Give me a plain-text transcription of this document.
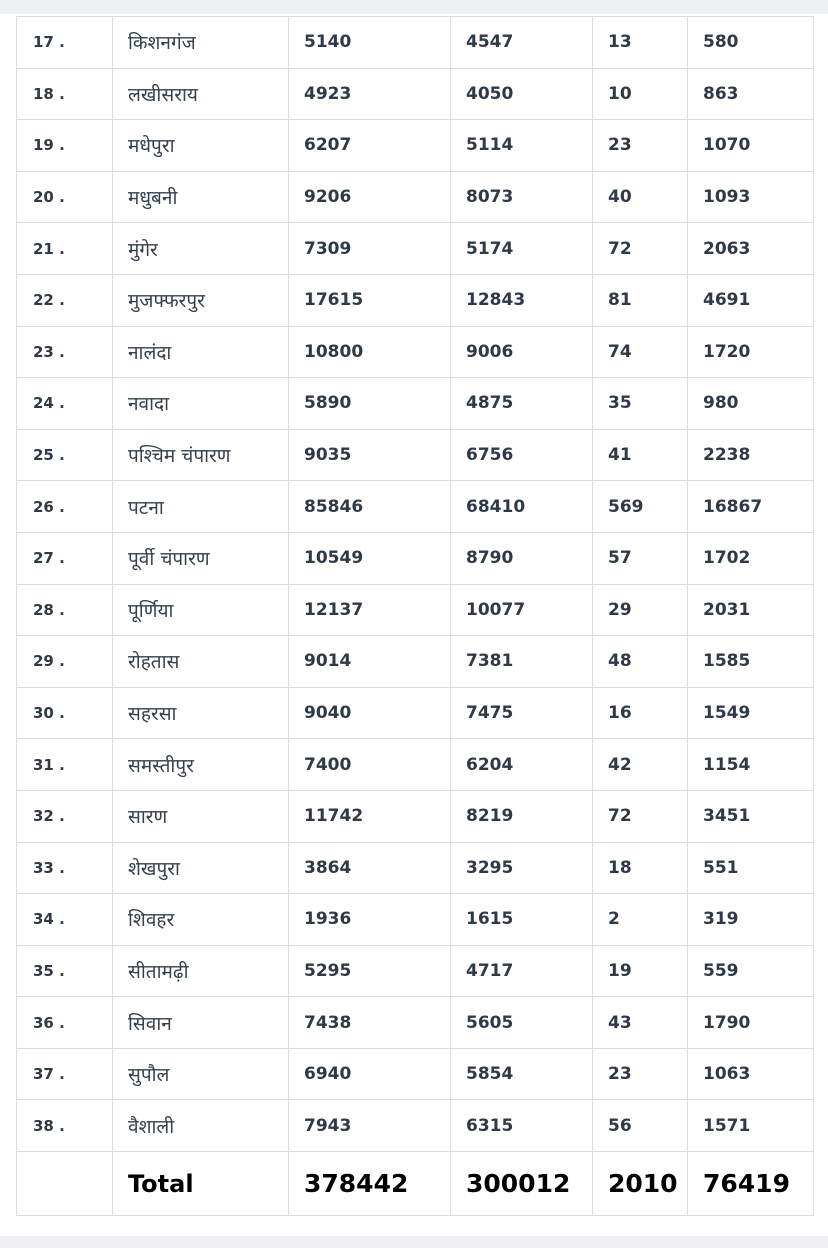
17 .	किशनगंज	5140	4547	13	580
18 .	लखीसराय	4923	4050	10	863
19 .	मधेपुरा	6207	5114	23	1070
20 .	मधुबनी	9206	8073	40	1093
21 .	मुंगेर	7309	5174	72	2063
22 .	मुजफ्फरपुर	17615	12843	81	4691
23 .	नालंदा	10800	9006	74	1720
24 .	नवादा	5890	4875	35	980
25 .	पश्चिम चंपारण	9035	6756	41	2238
26 .	पटना	85846	68410	569	16867
27 .	पूर्वी चंपारण	10549	8790	57	1702
28 .	पूर्णिया	12137	10077	29	2031
29 .	रोहतास	9014	7381	48	1585
30 .	सहरसा	9040	7475	16	1549
31 .	समस्तीपुर	7400	6204	42	1154
32 .	सारण	11742	8219	72	3451
33 .	शेखपुरा	3864	3295	18	551
34 .	शिवहर	1936	1615	2	319
35 .	सीतामढ़ी	5295	4717	19	559
36 .	सिवान	7438	5605	43	1790
37 .	सुपौल	6940	5854	23	1063
38 .	वैशाली	7943	6315	56	1571
	Total	378442	300012	2010	76419
